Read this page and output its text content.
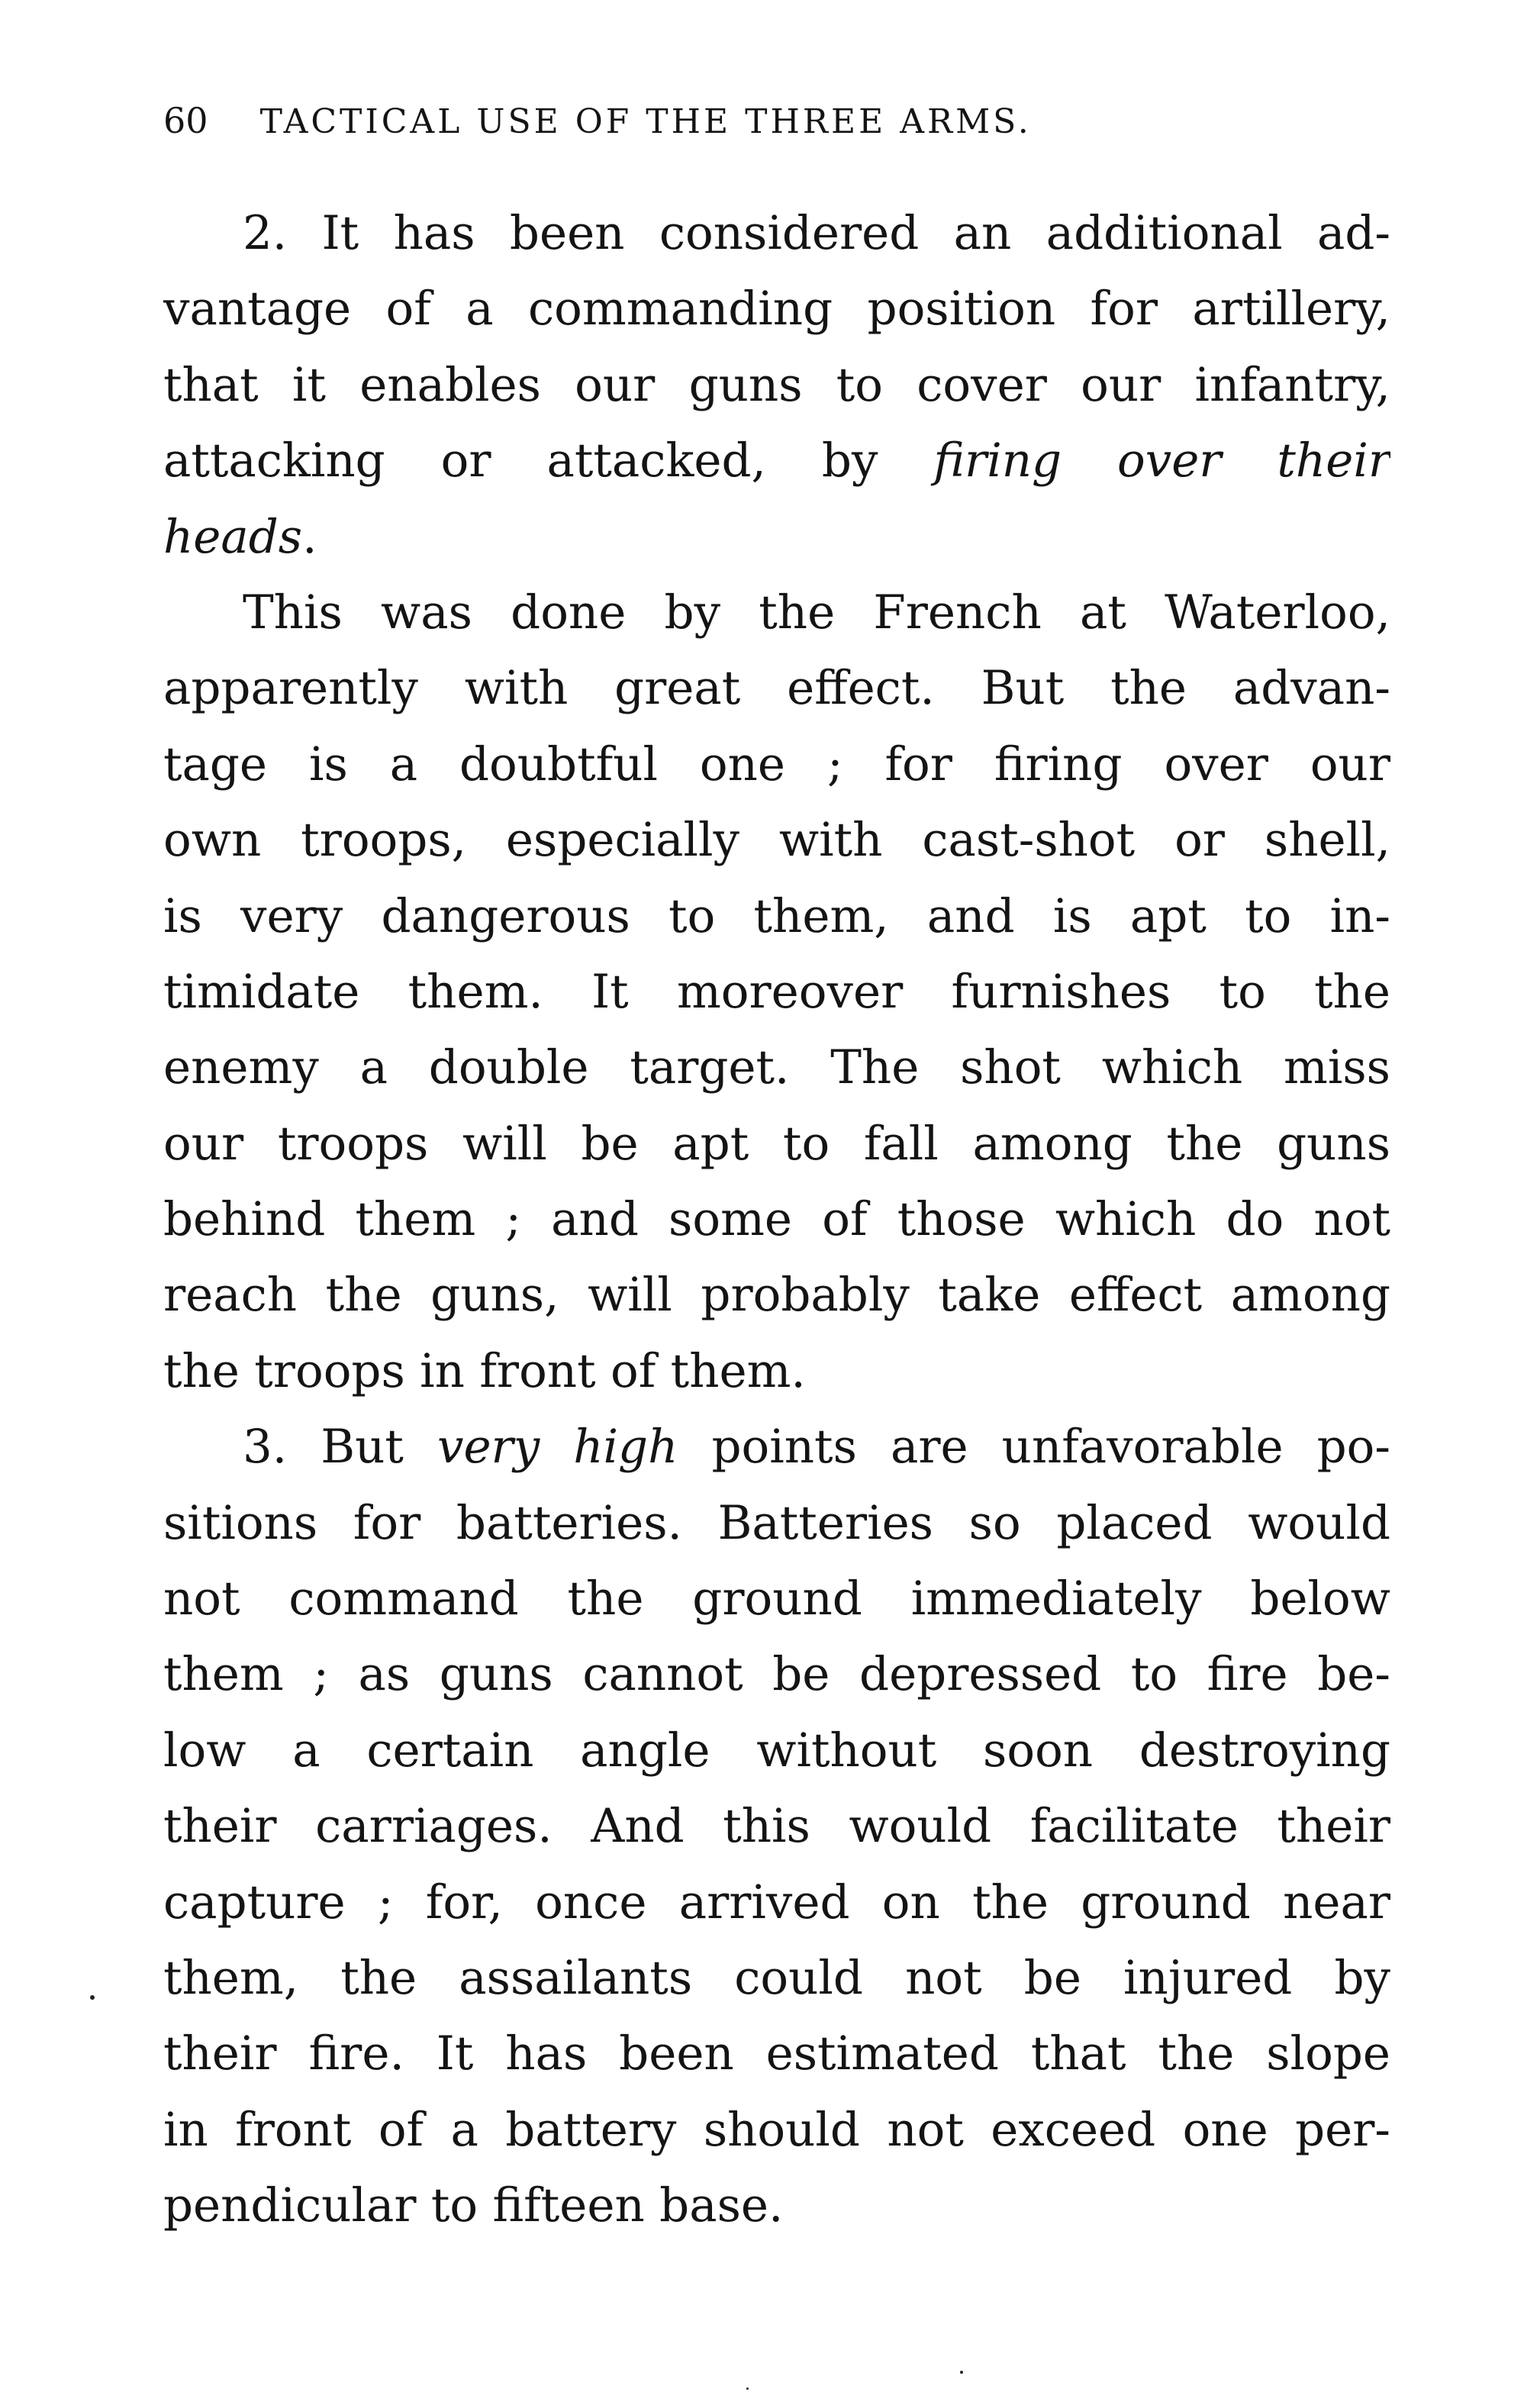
60 TACTICAL USE OF THE THREE ARMS.
2. It has been considered an additional ad-
vantage of a commanding position for artillery,
that it enables our guns to cover our infantry,
attacking or attacked, by firing over their
heads.
This was done by the French at Waterloo,
apparently with great effect. But the advan-
tage is a doubtful one ; for firing over our
own troops, especially with cast-shot or shell,
is very dangerous to them, and is apt to in-
timidate them. It moreover furnishes to the
enemy a double target. The shot which miss
our troops will be apt to fall among the guns
behind them ; and some of those which do not
reach the guns, will probably take effect among
the troops in front of them.
3. But very high points are unfavorable po-
sitions for batteries. Batteries so placed would
not command the ground immediately below
them ; as guns cannot be depressed to fire be-
low a certain angle without soon destroying
their carriages. And this would facilitate their
capture ; for, once arrived on the ground near
them, the assailants could not be injured by
their fire. It has been estimated that the slope
in front of a battery should not exceed one per-
pendicular to fifteen base.
